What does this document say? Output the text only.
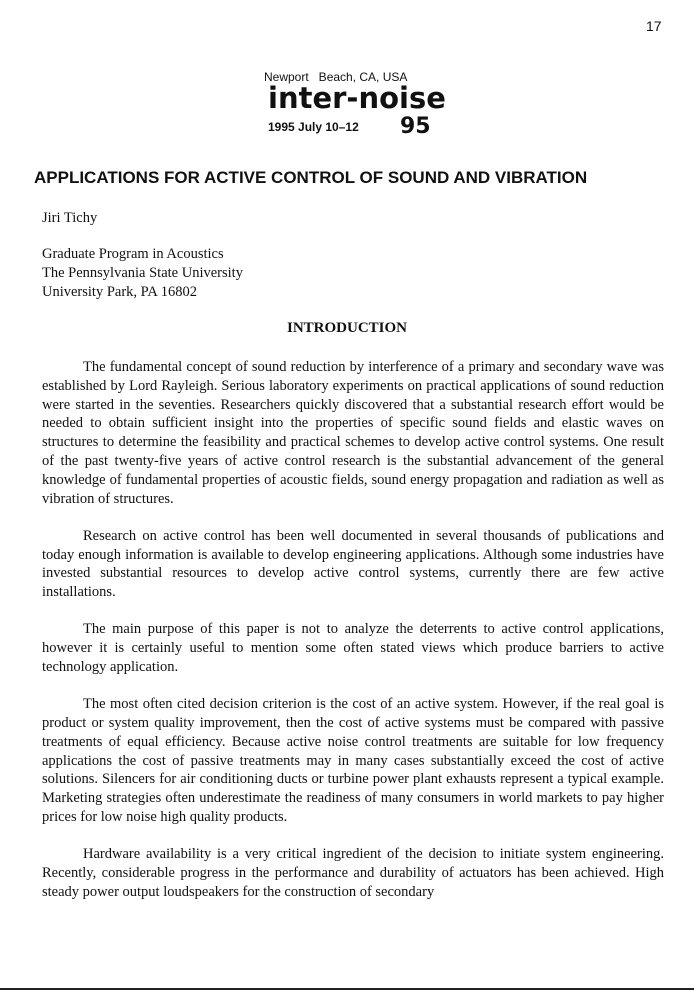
17
Newport   Beach, CA, USA
inter-noise
1995 July 10–12 95
APPLICATIONS FOR ACTIVE CONTROL OF SOUND AND VIBRATION
Jiri Tichy
Graduate Program in Acoustics
The Pennsylvania State University
University Park, PA 16802
INTRODUCTION

The fundamental concept of sound reduction by interference of a primary and secondary wave was established by Lord Rayleigh. Serious laboratory experiments on practical applications of sound reduction were started in the seventies. Researchers quickly discovered that a substantial research effort would be needed to obtain sufficient insight into the properties of specific sound fields and elastic waves on structures to determine the feasibility and practical schemes to develop active control systems. One result of the past twenty-five years of active control research is the substantial advancement of the general knowledge of fundamental properties of acoustic fields, sound energy propagation and radiation as well as vibration of structures.

Research on active control has been well documented in several thousands of publications and today enough information is available to develop engineering applications. Although some industries have invested substantial resources to develop active control systems, currently there are few active installations.

The main purpose of this paper is not to analyze the deterrents to active control applications, however it is certainly useful to mention some often stated views which produce barriers to active technology application.

The most often cited decision criterion is the cost of an active system. However, if the real goal is product or system quality improvement, then the cost of active systems must be compared with passive treatments of equal efficiency. Because active noise control treatments are suitable for low frequency applications the cost of passive treatments may in many cases substantially exceed the cost of active solutions. Silencers for air conditioning ducts or turbine power plant exhausts represent a typical example. Marketing strategies often underestimate the readiness of many consumers in world markets to pay higher prices for low noise high quality products.

Hardware availability is a very critical ingredient of the decision to initiate system engineering. Recently, considerable progress in the performance and durability of actuators has been achieved. High steady power output loudspeakers for the construction of secondary
